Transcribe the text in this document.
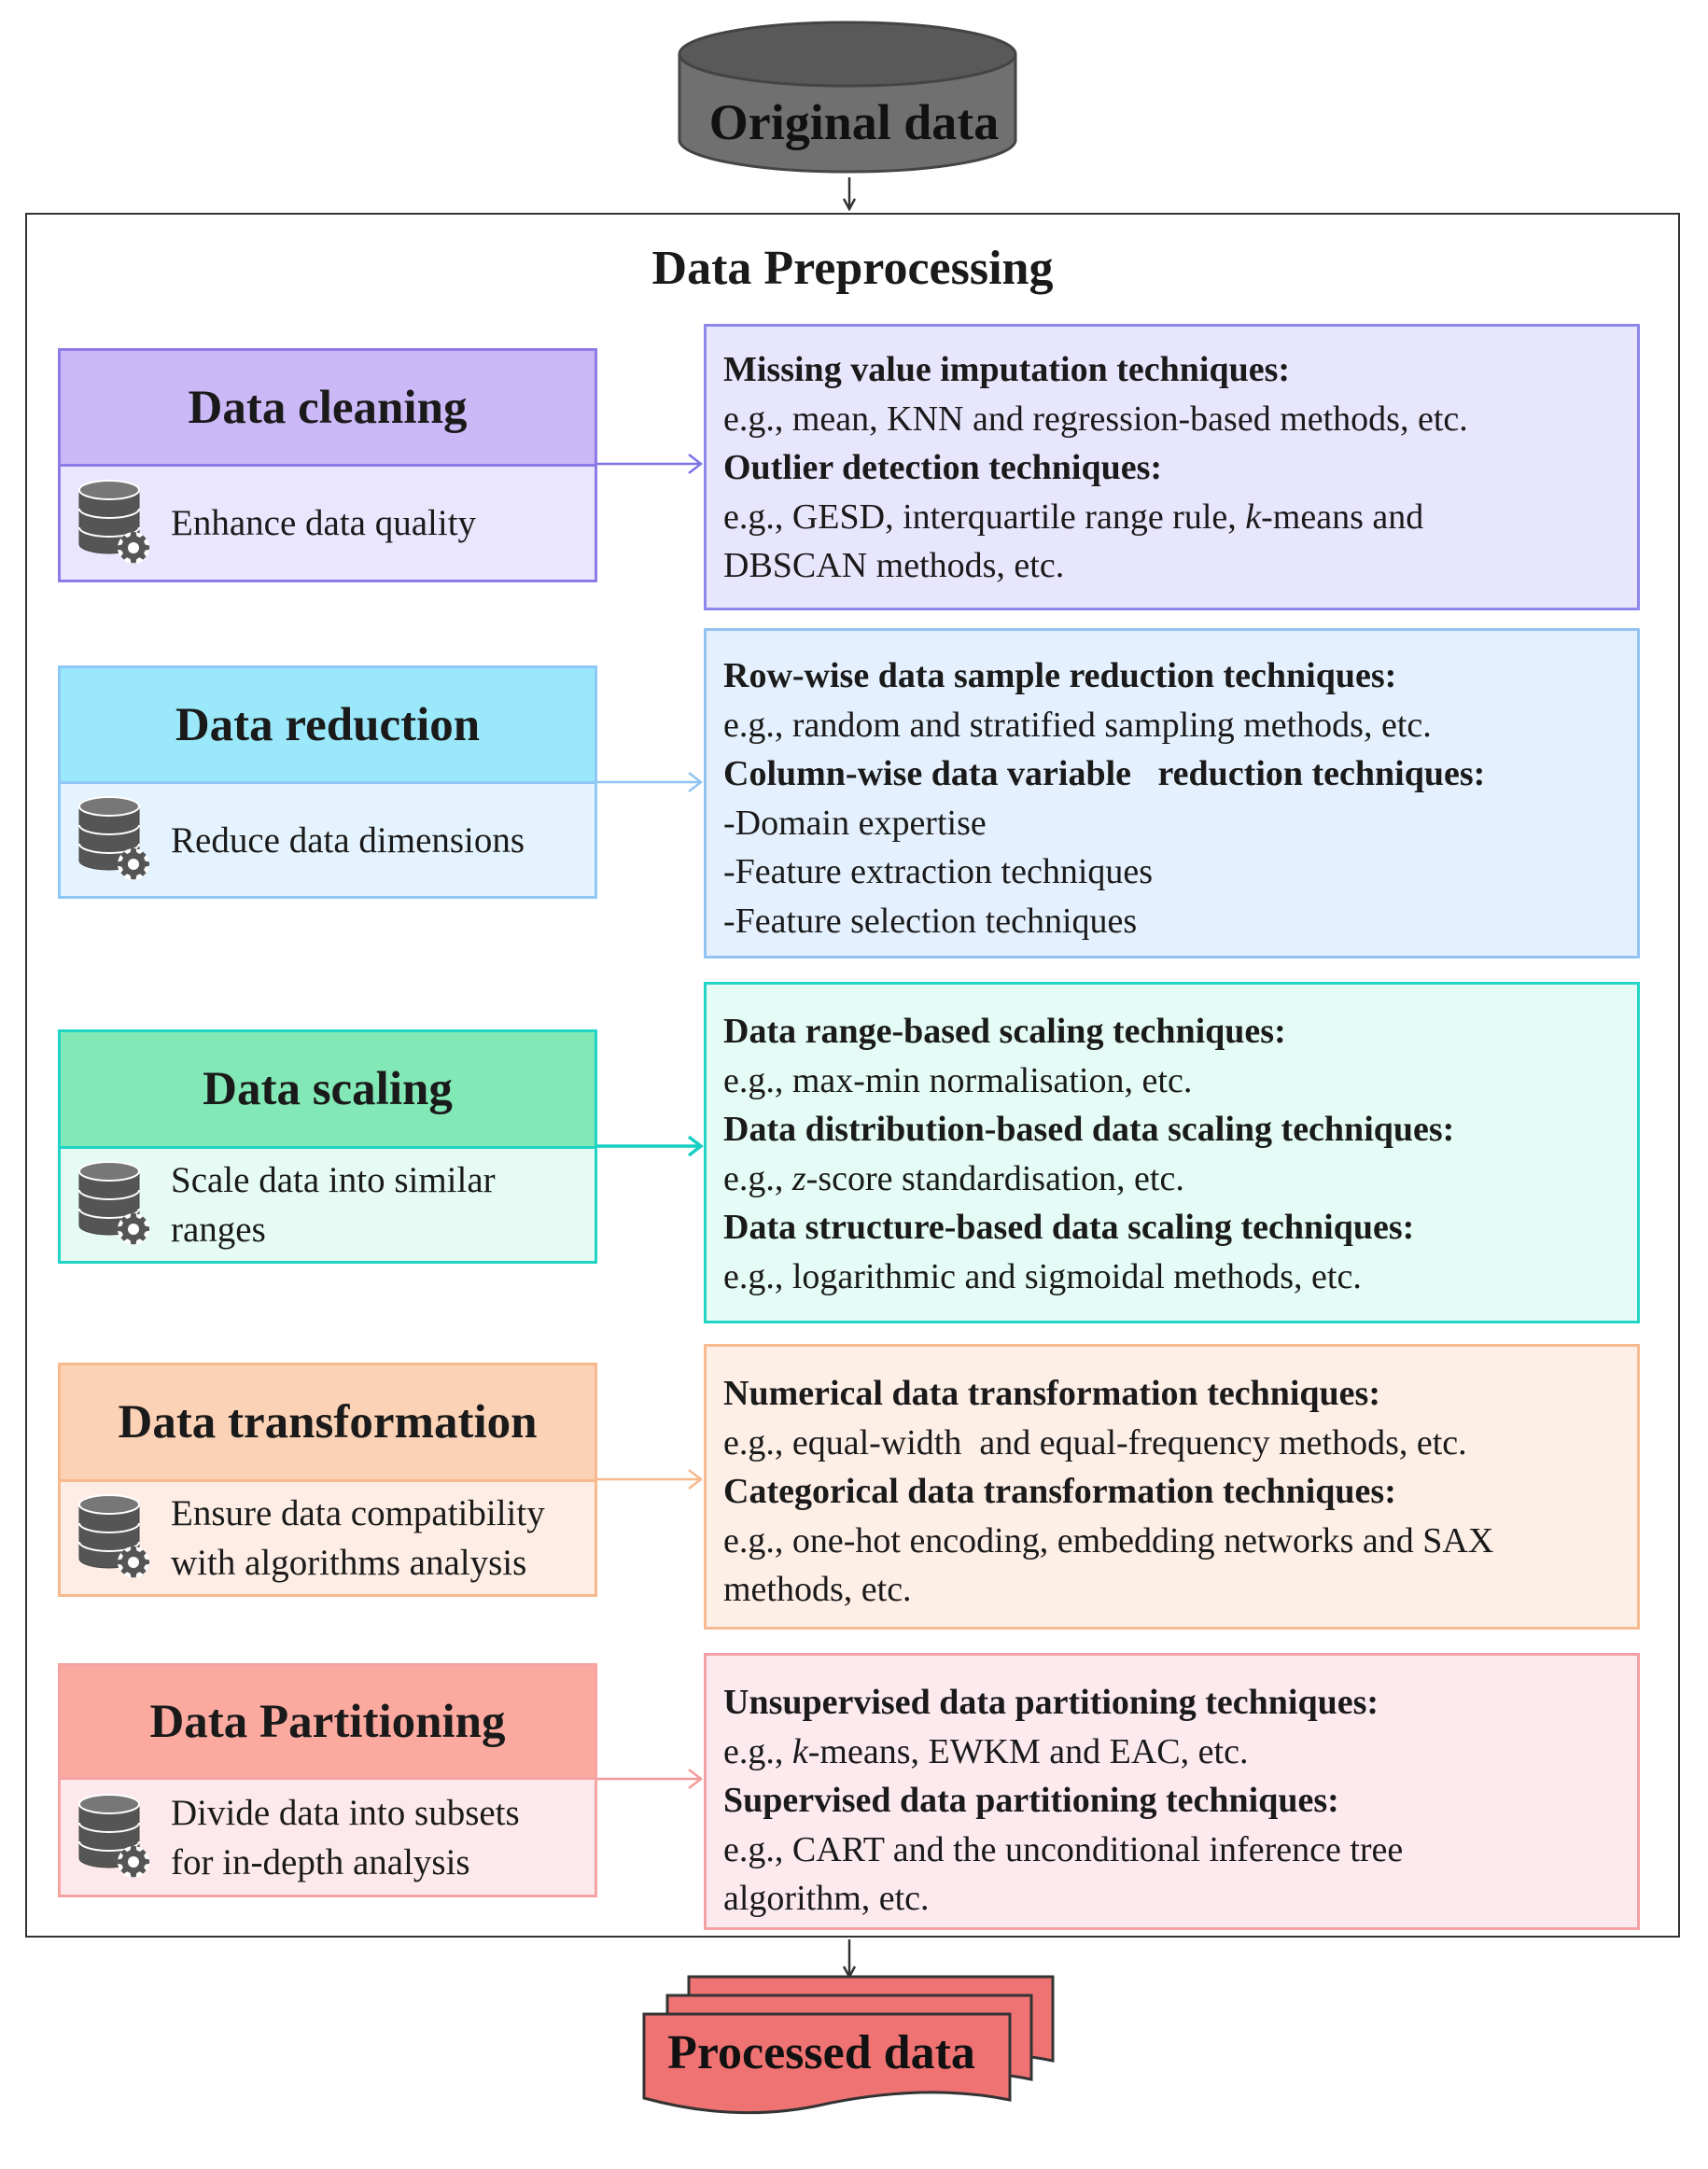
Original data
Data Preprocessing
Data cleaning
Enhance data quality
Data reduction
Reduce data dimensions
Data scaling
Scale data into similar
ranges
Data transformation
Ensure data compatibility
with algorithms analysis
Data Partitioning
Divide data into subsets
for in-depth analysis
Missing value imputation techniques:
e.g., mean, KNN and regression-based methods, etc.
Outlier detection techniques:
e.g., GESD, interquartile range rule, k-means and
DBSCAN methods, etc.
Row-wise data sample reduction techniques:
e.g., random and stratified sampling methods, etc.
Column-wise data variable   reduction techniques:
-Domain expertise
-Feature extraction techniques
-Feature selection techniques
Data range-based scaling techniques:
e.g., max-min normalisation, etc.
Data distribution-based data scaling techniques:
e.g., z-score standardisation, etc.
Data structure-based data scaling techniques:
e.g., logarithmic and sigmoidal methods, etc.
Numerical data transformation techniques:
e.g., equal-width  and equal-frequency methods, etc.
Categorical data transformation techniques:
e.g., one-hot encoding, embedding networks and SAX
methods, etc.
Unsupervised data partitioning techniques:
e.g., k-means, EWKM and EAC, etc.
Supervised data partitioning techniques:
e.g., CART and the unconditional inference tree
algorithm, etc.
Processed data
